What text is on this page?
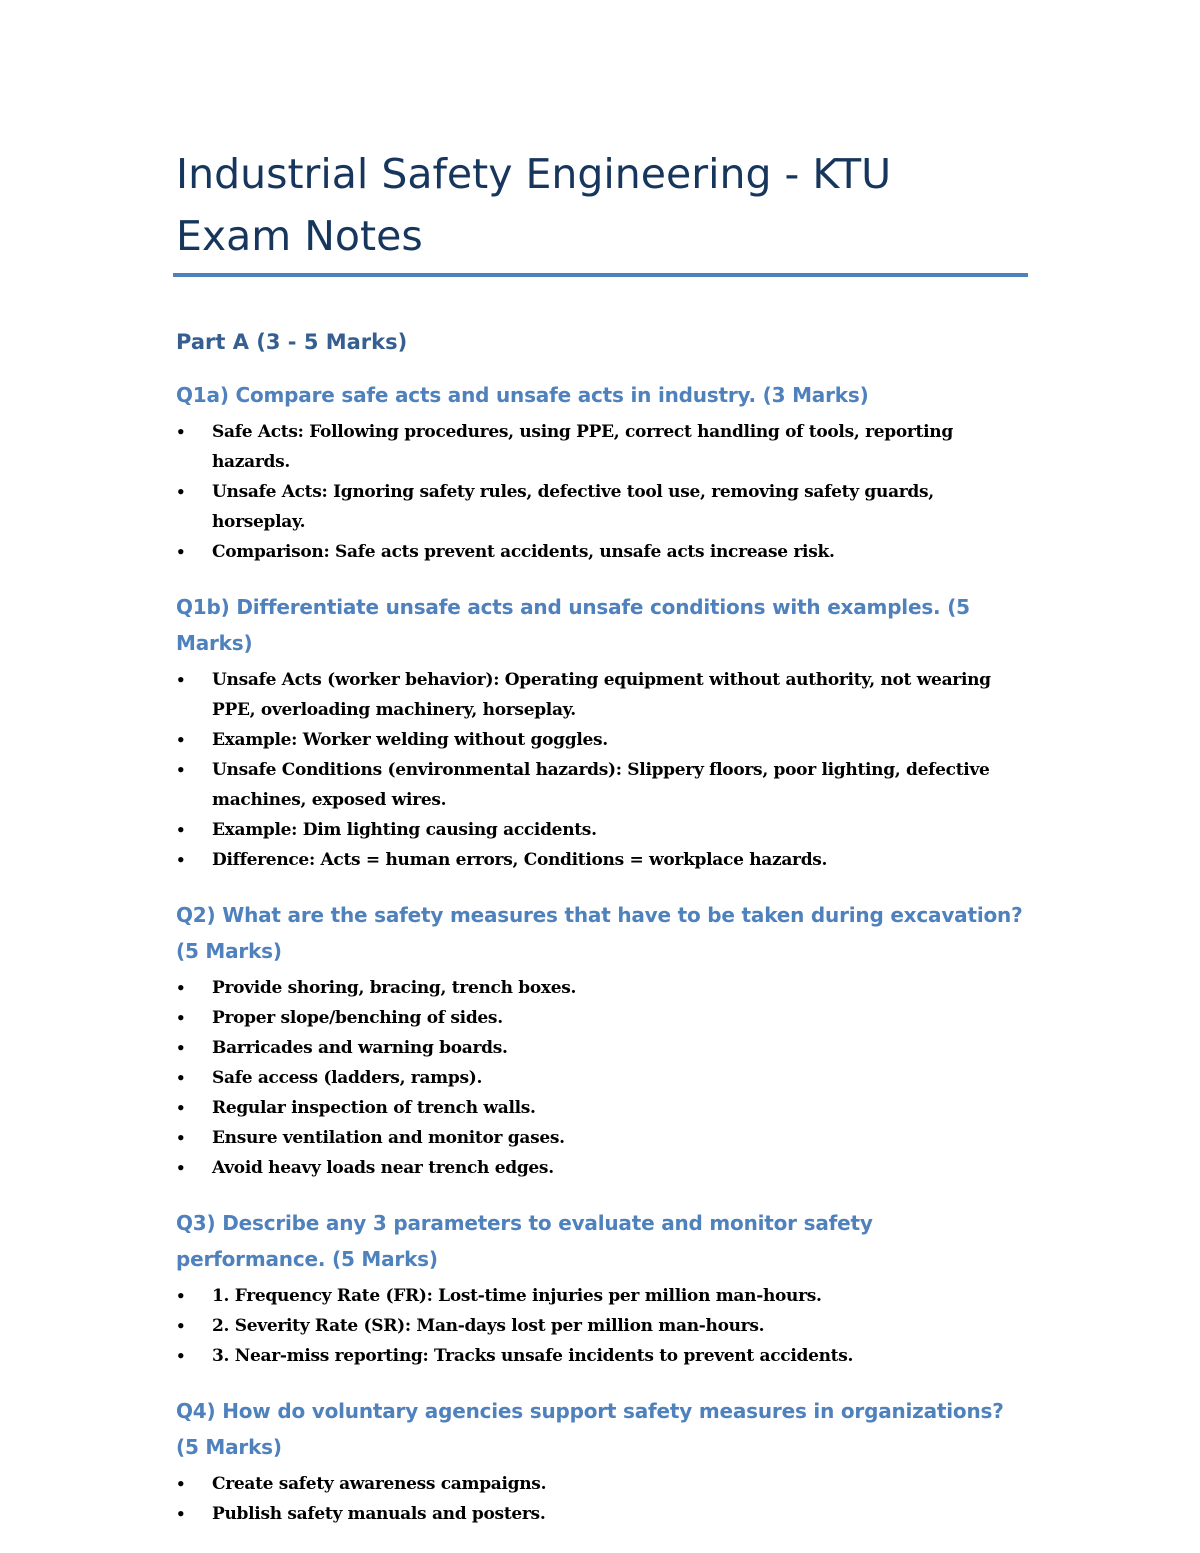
Industrial Safety Engineering - KTU
Exam Notes
Part A (3 - 5 Marks)
Q1a) Compare safe acts and unsafe acts in industry. (3 Marks)
•	Safe Acts: Following procedures, using PPE, correct handling of tools, reporting hazards.
•	Unsafe Acts: Ignoring safety rules, defective tool use, removing safety guards, horseplay.
•	Comparison: Safe acts prevent accidents, unsafe acts increase risk.
Q1b) Differentiate unsafe acts and unsafe conditions with examples. (5 Marks)
•	Unsafe Acts (worker behavior): Operating equipment without authority, not wearing PPE, overloading machinery, horseplay.
•	Example: Worker welding without goggles.
•	Unsafe Conditions (environmental hazards): Slippery floors, poor lighting, defective machines, exposed wires.
•	Example: Dim lighting causing accidents.
•	Difference: Acts = human errors, Conditions = workplace hazards.
Q2) What are the safety measures that have to be taken during excavation? (5 Marks)
•	Provide shoring, bracing, trench boxes.
•	Proper slope/benching of sides.
•	Barricades and warning boards.
•	Safe access (ladders, ramps).
•	Regular inspection of trench walls.
•	Ensure ventilation and monitor gases.
•	Avoid heavy loads near trench edges.
Q3) Describe any 3 parameters to evaluate and monitor safety performance. (5 Marks)
•	1. Frequency Rate (FR): Lost-time injuries per million man-hours.
•	2. Severity Rate (SR): Man-days lost per million man-hours.
•	3. Near-miss reporting: Tracks unsafe incidents to prevent accidents.
Q4) How do voluntary agencies support safety measures in organizations? (5 Marks)
•	Create safety awareness campaigns.
•	Publish safety manuals and posters.
